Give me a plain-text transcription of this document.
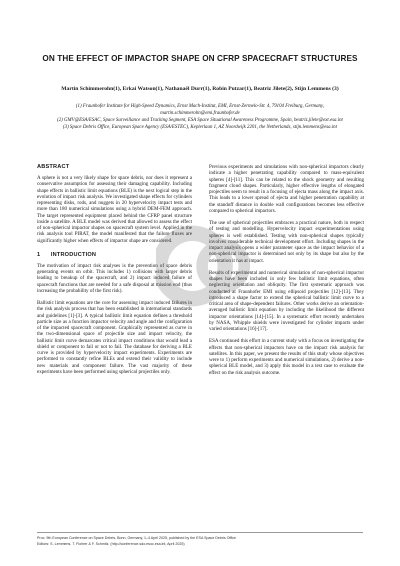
ON THE EFFECT OF IMPACTOR SHAPE ON CFRP SPACECRAFT STRUCTURES
Martin Schimmerohn(1), Erkai Watson(1), Nathanaël Durr(1), Robin Putzar(1), Beatriz Jilete(2), Stijn Lemmens (3)

(1) Fraunhofer Institute for High-Speed Dynamics, Ernst Mach-Institut, EMI, Ernst-Zermelo-Str. 4, 79104 Freiburg, Germany, martin.schimmerohn@emi.fraunhofer.de

(2) GMV@ESA/ESAC, Space Surveillance and Tracking Segment, ESA Space Situational Awareness Programme, Spain, beatriz.jilete@ext.esa.int

(3) Space Debris Office, European Space Agency (ESA/ESTEC), Keplerlaan 1, AZ Noordwijk 2201, the Netherlands, stijn.lemmens@esa.int

ABSTRACT

A sphere is not a very likely shape for space debris, nor does it represent a conservative assumption for assessing their damaging capability. Including shape effects in ballistic limit equations (BLE) is the next logical step in the evolution of impact risk analysis. We investigated shape effects for cylinders representing disks, rods, and nuggets in 20 hypervelocity impact tests and more than 180 numerical simulations using a hybrid DEM-FEM approach. The target represented equipment placed behind the CFRP panel structure inside a satellite. A BLE model was derived that allowed to assess the effect of non-spherical impactor shapes on spacecraft system level. Applied in the risk analysis tool PIRAT, the model manifested that the failure fluxes are significantly higher when effects of impactor shape are considered.

1      INTRODUCTION

The motivation of impact risk analyses is the prevention of space debris generating events on orbit. This includes 1) collisions with larger debris leading to breakup of the spacecraft, and 2) impact induced failure of spacecraft functions that are needed for a safe disposal at mission end (thus increasing the probability of the first risk).

Ballistic limit equations are the core for assessing impact induced failures in the risk analysis process that has been established in international standards and guidelines [1]-[3]. A typical ballistic limit equation defines a threshold particle size as a function impactor velocity and angle and the configuration of the impacted spacecraft component. Graphically represented as curve in the two-dimensional space of projectile size and impact velocity, the ballistic limit curve demarcates critical impact conditions that would lead a shield or component to fail or not to fail. The database for deriving a BLE curve is provided by hypervelocity impact experiments. Experiments are performed to constantly refine BLEs and extend their validity to include new materials and component failure. The vast majority of these experiments have been performed using spherical projectiles only.

Previous experiments and simulations with non-spherical impactors clearly indicate a higher penetrating capability compared to mass-equivalent spheres [4]-[11]. This can be related to the shock geometry and resulting fragment cloud shapes. Particularly, higher effective lengths of elongated projectiles seem to result in a focusing of ejecta mass along the impact axis. This leads to a lower spread of ejecta and higher penetration capability at the standoff distance in double wall configurations becomes less effective compared to spherical impactors.

The use of spherical projectiles embraces a practical nature, both in respect of testing and modelling. Hypervelocity impact experimentations using spheres is well established. Testing with non-spherical shapes typically involves considerable technical development effort. Including shapes in the impact analysis opens a wider parameter space as the impact behavior of a non-spherical impactor is determined not only by its shape but also by the orientation it has at impact.

Results of experimental and numerical simulation of non-spherical impactor shapes have been included in only few ballistic limit equations, often neglecting orientation and obliquity. The first systematic approach was conducted at Fraunhofer EMI using ellipsoid projectiles [12]-[13]. They introduced a shape factor to extend the spherical ballistic limit curve to a critical area of shape-dependent failures. Other works derive an orientation-averaged ballistic limit equation by including the likelihood the different impactor orientations [14]-[15]. In a systematic effort recently undertaken by NASA, Whipple shields were investigated for cylinder impacts under varied orientations [16]-[17].

ESA continued this effort in a current study with a focus on investigating the effects that non-spherical impactors have on the impact risk analysis for satellites. In this paper, we present the results of this study whose objectives were to 1) perform experiments and numerical simulations, 2) derive a non-spherical BLE model, and 3) apply this model in a test case to evaluate the effect on the risk analysis outcome.

Proc. 9th European Conference on Space Debris, Bonn, Germany, 1–4 April 2025, published by the ESA Space Debris Office

Editors: S. Lemmens, T. Flohrer & F. Schmitz, (http://conference.sdo.esoc.esa.int, April 2025)
